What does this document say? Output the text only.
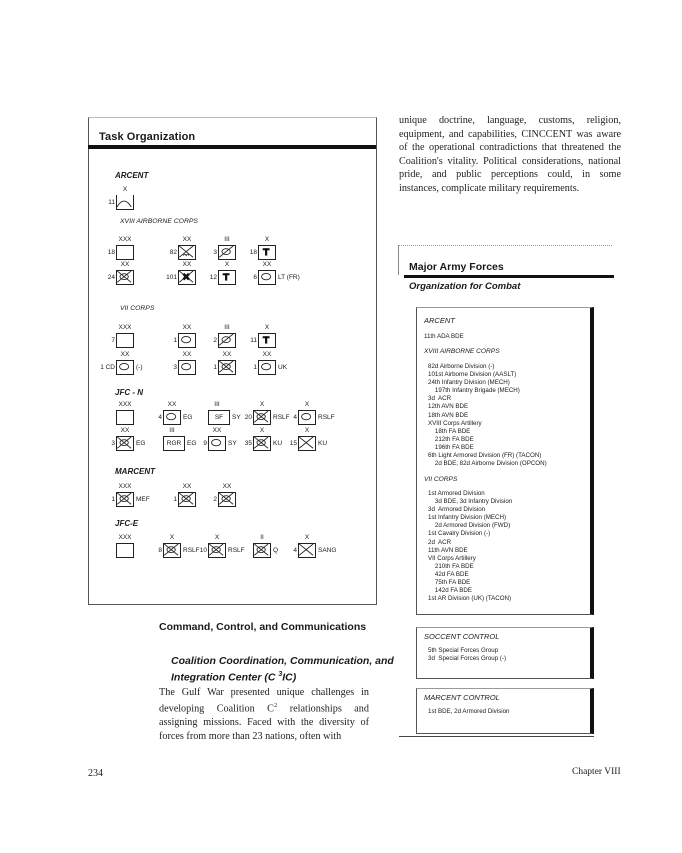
Task Organization
ARCENT
11
X
XVIII AIRBORNE CORPS
18
XXX
82
XX
3
III
18
X
24
XX
101
XX
12
X
6
XX
LT (FR)
VII CORPS
7
XXX
1
XX
2
III
11
X
1 CD
XX
(-)	3
XX
1
XX
1
XX
UK
JFC - N
XXX
4
XX
EG
III
SF	SY 20
X
RSLF 4
X
RSLF
3
XX
EG
III
RGR EG 9
XX
SY 35
X
KU 15
X
KU
MARCENT
1
XXX
MEF	1
XX
2
XX
JFC-E
XXX
8
X
RSLF 10
X
RSLF
II
Q 4
X
SANG
unique doctrine, language, customs, religion, equipment, and capabilities, CINCCENT was aware of the operational contradictions that threatened the Coalition's vitality. Political considerations, national pride, and public perceptions could, in some instances, complicate military requirements.
Command, Control, and Communications
Coalition Coordination, Communication, and
Integration Center (C $^3$IC)
The Gulf War presented unique challenges in developing Coalition $C^2$ relationships and assigning missions. Faced with the diversity of forces from more than 23 nations, often with
Major Army Forces
Organization for Combat
ARCENT
11th ADA BDE
XVIII AIRBORNE CORPS
82d Airborne Division (-)
101st Airborne Division (AASLT)
24th Infantry Division (MECH)
197th Infantry Brigade (MECH)
3d  ACR
12th AVN BDE
18th AVN BDE
XVIII Corps Artillery
18th FA BDE
212th FA BDE
196th FA BDE
6th Light Armored Division (FR) (TACON)
2d BDE, 82d Airborne Division (OPCON)
VII CORPS
1st Armored Division
3d BDE, 3d Infantry Division
3d  Armored Division
1st Infantry Division (MECH)
2d Armored Division (FWD)
1st Cavalry Division (-)
2d  ACR
11th AVN BDE
VII Corps Artillery
210th FA BDE
42d FA BDE
75th FA BDE
142d FA BDE
1st AR Division (UK) (TACON)
SOCCENT CONTROL
5th Special Forces Group
3d  Special Forces Group (-)
MARCENT CONTROL
1st BDE, 2d Armored Division
234	Chapter VIII
